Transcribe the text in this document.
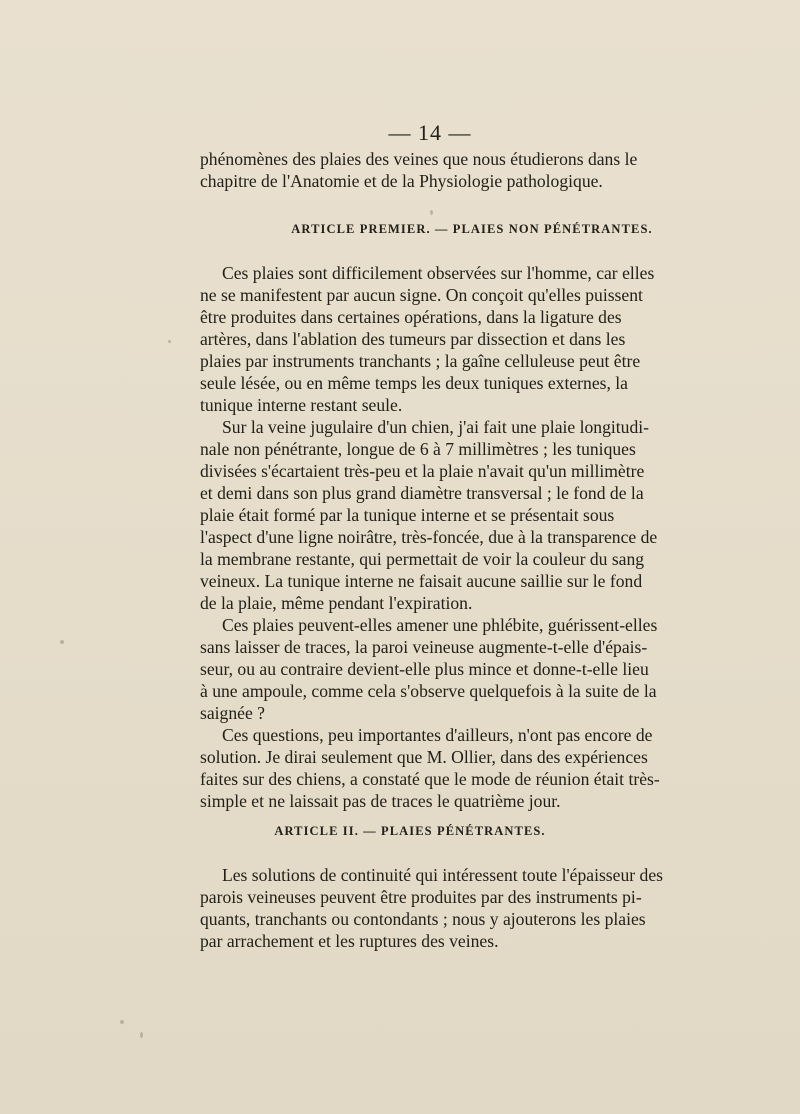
— 14 —

phénomènes des plaies des veines que nous étudierons dans le
chapitre de l'Anatomie et de la Physiologie pathologique.

ARTICLE PREMIER. — PLAIES NON PÉNÉTRANTES.

Ces plaies sont difficilement observées sur l'homme, car elles
ne se manifestent par aucun signe. On conçoit qu'elles puissent
être produites dans certaines opérations, dans la ligature des
artères, dans l'ablation des tumeurs par dissection et dans les
plaies par instruments tranchants ; la gaîne celluleuse peut être
seule lésée, ou en même temps les deux tuniques externes, la
tunique interne restant seule.

Sur la veine jugulaire d'un chien, j'ai fait une plaie longitudi-
nale non pénétrante, longue de 6 à 7 millimètres ; les tuniques
divisées s'écartaient très-peu et la plaie n'avait qu'un millimètre
et demi dans son plus grand diamètre transversal ; le fond de la
plaie était formé par la tunique interne et se présentait sous
l'aspect d'une ligne noirâtre, très-foncée, due à la transparence de
la membrane restante, qui permettait de voir la couleur du sang
veineux. La tunique interne ne faisait aucune saillie sur le fond
de la plaie, même pendant l'expiration.

Ces plaies peuvent-elles amener une phlébite, guérissent-elles
sans laisser de traces, la paroi veineuse augmente-t-elle d'épais-
seur, ou au contraire devient-elle plus mince et donne-t-elle lieu
à une ampoule, comme cela s'observe quelquefois à la suite de la
saignée ?

Ces questions, peu importantes d'ailleurs, n'ont pas encore de
solution. Je dirai seulement que M. Ollier, dans des expériences
faites sur des chiens, a constaté que le mode de réunion était très-
simple et ne laissait pas de traces le quatrième jour.

ARTICLE II. — PLAIES PÉNÉTRANTES.

Les solutions de continuité qui intéressent toute l'épaisseur des
parois veineuses peuvent être produites par des instruments pi-
quants, tranchants ou contondants ; nous y ajouterons les plaies
par arrachement et les ruptures des veines.
